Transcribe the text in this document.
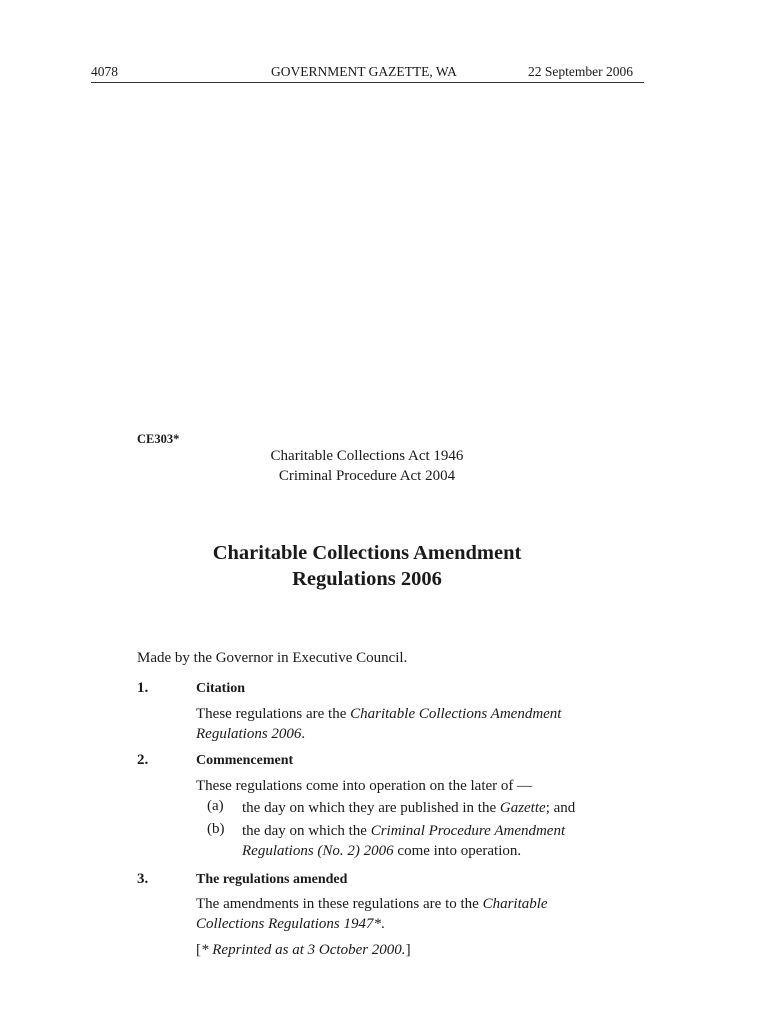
4078	GOVERNMENT GAZETTE, WA	22 September 2006
CE303*
Charitable Collections Act 1946
Criminal Procedure Act 2004
Charitable Collections Amendment
Regulations 2006
Made by the Governor in Executive Council.
1.	Citation
These regulations are the Charitable Collections Amendment Regulations 2006.
2.	Commencement
These regulations come into operation on the later of —
(a) the day on which they are published in the Gazette; and
(b) the day on which the Criminal Procedure Amendment Regulations (No. 2) 2006 come into operation.
3.	The regulations amended
The amendments in these regulations are to the Charitable Collections Regulations 1947*.
[* Reprinted as at 3 October 2000.]
